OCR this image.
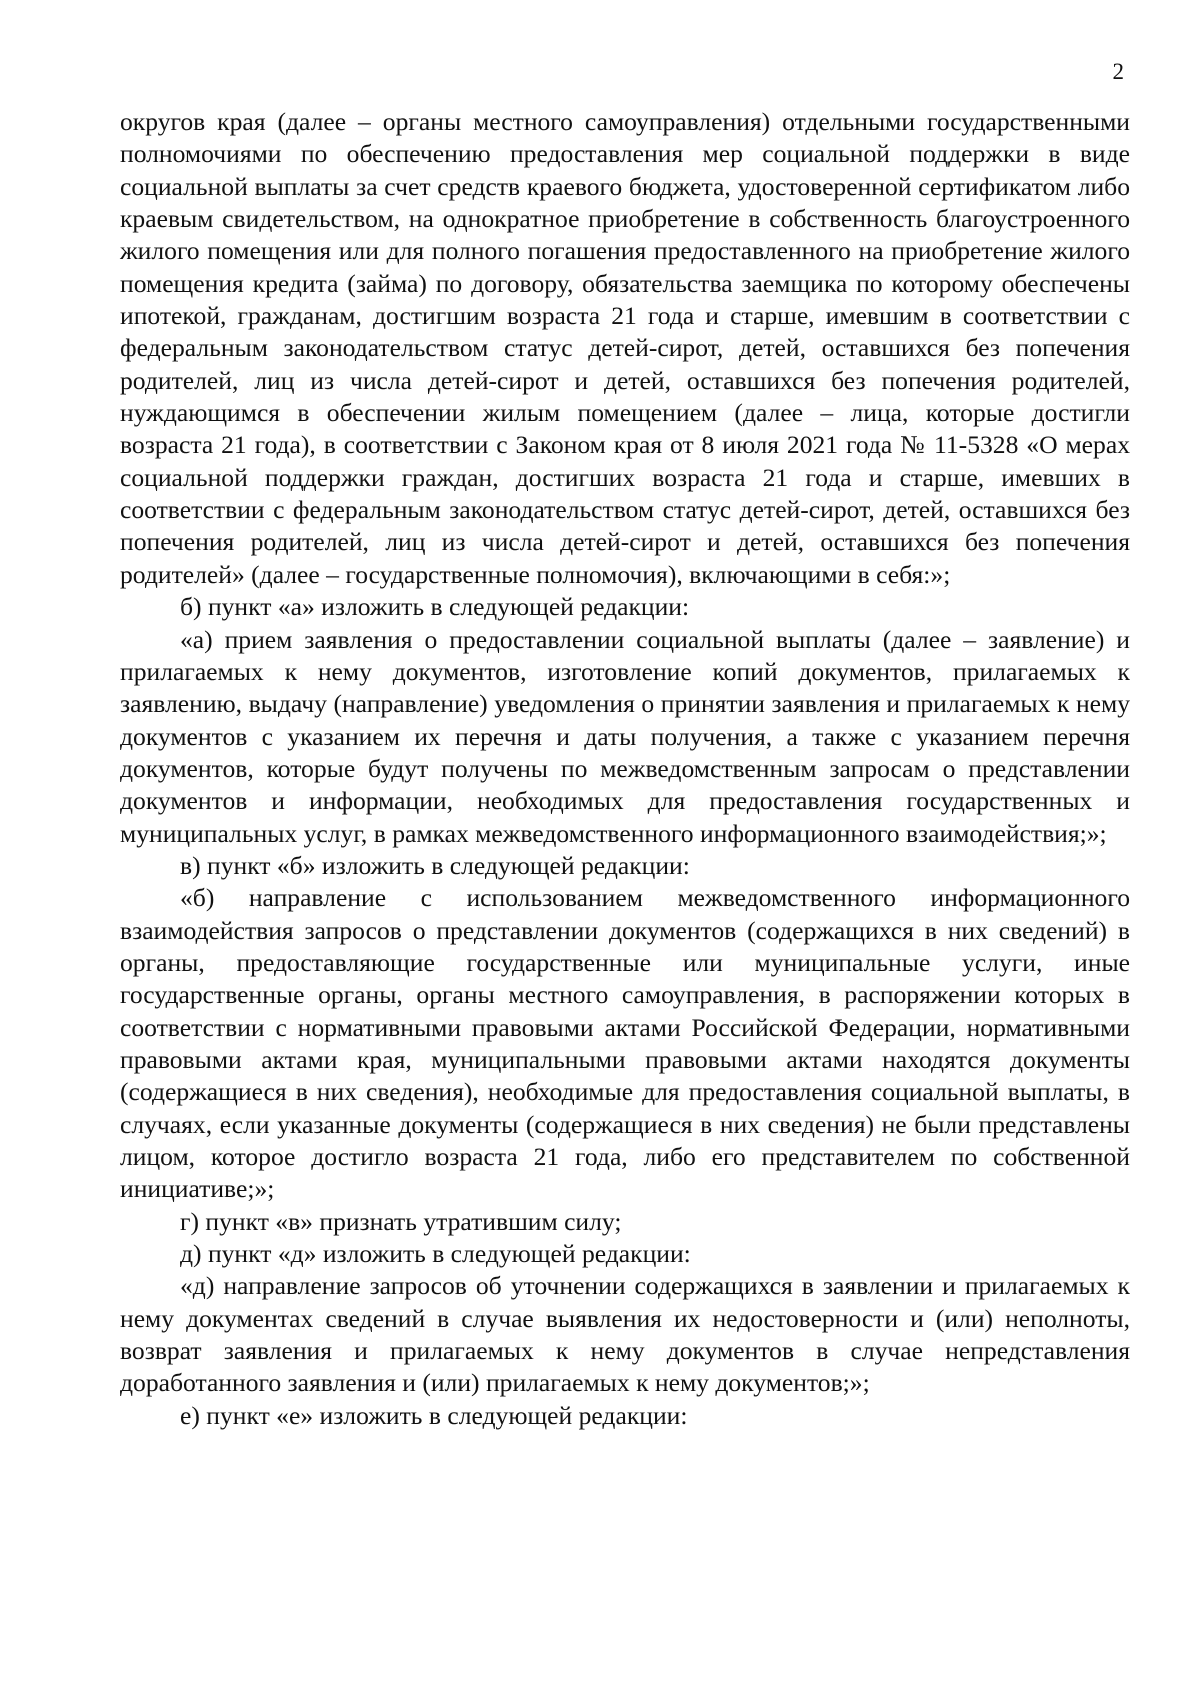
2

округов края (далее – органы местного самоуправления) отдельными государственными полномочиями по обеспечению предоставления мер социальной поддержки в виде социальной выплаты за счет средств краевого бюджета, удостоверенной сертификатом либо краевым свидетельством, на однократное приобретение в собственность благоустроенного жилого помещения или для полного погашения предоставленного на приобретение жилого помещения кредита (займа) по договору, обязательства заемщика по которому обеспечены ипотекой, гражданам, достигшим возраста 21 года и старше, имевшим в соответствии с федеральным законодательством статус детей-сирот, детей, оставшихся без попечения родителей, лиц из числа детей-сирот и детей, оставшихся без попечения родителей, нуждающимся в обеспечении жилым помещением (далее – лица, которые достигли возраста 21 года), в соответствии с Законом края от 8 июля 2021 года № 11-5328 «О мерах социальной поддержки граждан, достигших возраста 21 года и старше, имевших в соответствии с федеральным законодательством статус детей-сирот, детей, оставшихся без попечения родителей, лиц из числа детей-сирот и детей, оставшихся без попечения родителей» (далее – государственные полномочия), включающими в себя:»;

б) пункт «а» изложить в следующей редакции:

«а) прием заявления о предоставлении социальной выплаты (далее – заявление) и прилагаемых к нему документов, изготовление копий документов, прилагаемых к заявлению, выдачу (направление) уведомления о принятии заявления и прилагаемых к нему документов с указанием их перечня и даты получения, а также с указанием перечня документов, которые будут получены по межведомственным запросам о представлении документов и информации, необходимых для предоставления государственных и муниципальных услуг, в рамках межведомственного информационного взаимодействия;»;

в) пункт «б» изложить в следующей редакции:

«б) направление с использованием межведомственного информационного взаимодействия запросов о представлении документов (содержащихся в них сведений) в органы, предоставляющие государственные или муниципальные услуги, иные государственные органы, органы местного самоуправления, в распоряжении которых в соответствии с нормативными правовыми актами Российской Федерации, нормативными правовыми актами края, муниципальными правовыми актами находятся документы (содержащиеся в них сведения), необходимые для предоставления социальной выплаты, в случаях, если указанные документы (содержащиеся в них сведения) не были представлены лицом, которое достигло возраста 21 года, либо его представителем по собственной инициативе;»;

г) пункт «в» признать утратившим силу;

д) пункт «д» изложить в следующей редакции:

«д) направление запросов об уточнении содержащихся в заявлении и прилагаемых к нему документах сведений в случае выявления их недостоверности и (или) неполноты, возврат заявления и прилагаемых к нему документов в случае непредставления доработанного заявления и (или) прилагаемых к нему документов;»;

е) пункт «е» изложить в следующей редакции:
